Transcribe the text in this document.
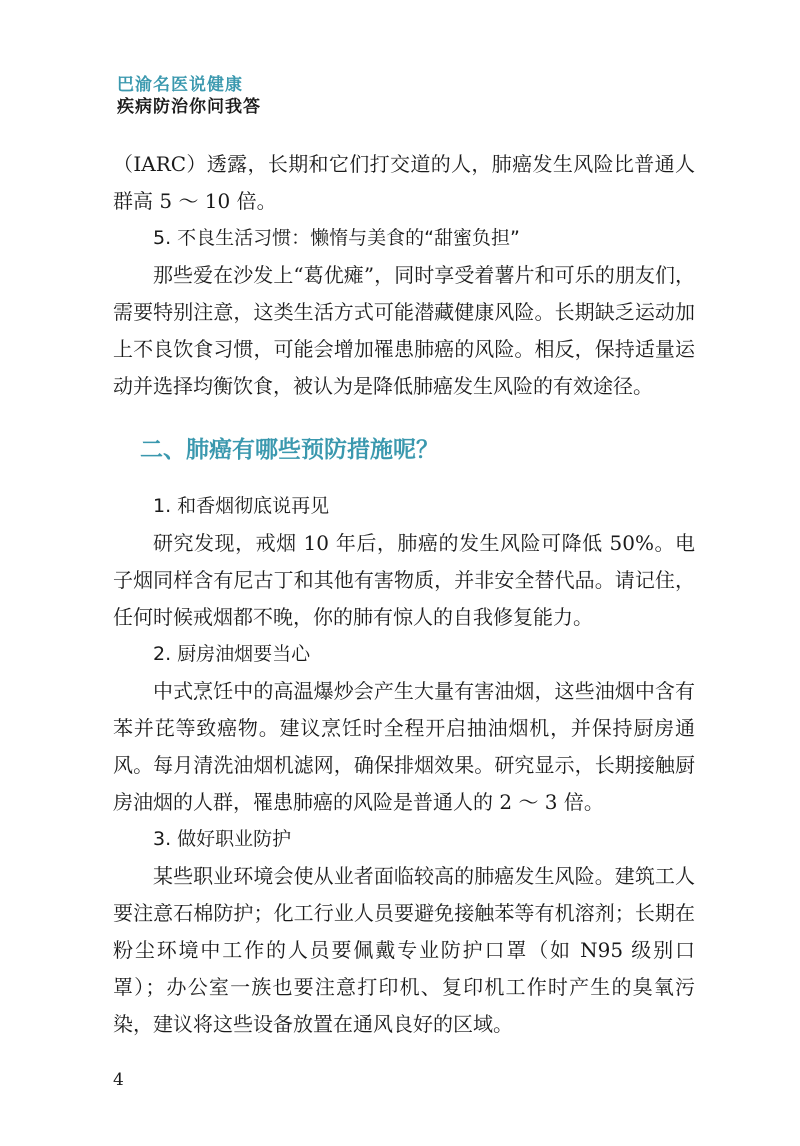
巴渝名医说健康
疾病防治你问我答

（IARC）透露，长期和它们打交道的人，肺癌发生风险比普通人群高 5 ～ 10 倍。

5. 不良生活习惯：懒惰与美食的“甜蜜负担”

那些爱在沙发上“葛优瘫”，同时享受着薯片和可乐的朋友们，需要特别注意，这类生活方式可能潜藏健康风险。长期缺乏运动加上不良饮食习惯，可能会增加罹患肺癌的风险。相反，保持适量运动并选择均衡饮食，被认为是降低肺癌发生风险的有效途径。

二、肺癌有哪些预防措施呢？

1. 和香烟彻底说再见

研究发现，戒烟 10 年后，肺癌的发生风险可降低 50%。电子烟同样含有尼古丁和其他有害物质，并非安全替代品。请记住，任何时候戒烟都不晚，你的肺有惊人的自我修复能力。

2. 厨房油烟要当心

中式烹饪中的高温爆炒会产生大量有害油烟，这些油烟中含有苯并芘等致癌物。建议烹饪时全程开启抽油烟机，并保持厨房通风。每月清洗油烟机滤网，确保排烟效果。研究显示，长期接触厨房油烟的人群，罹患肺癌的风险是普通人的 2 ～ 3 倍。

3. 做好职业防护

某些职业环境会使从业者面临较高的肺癌发生风险。建筑工人要注意石棉防护；化工行业人员要避免接触苯等有机溶剂；长期在粉尘环境中工作的人员要佩戴专业防护口罩（如 N95 级别口罩）；办公室一族也要注意打印机、复印机工作时产生的臭氧污染，建议将这些设备放置在通风良好的区域。

4
